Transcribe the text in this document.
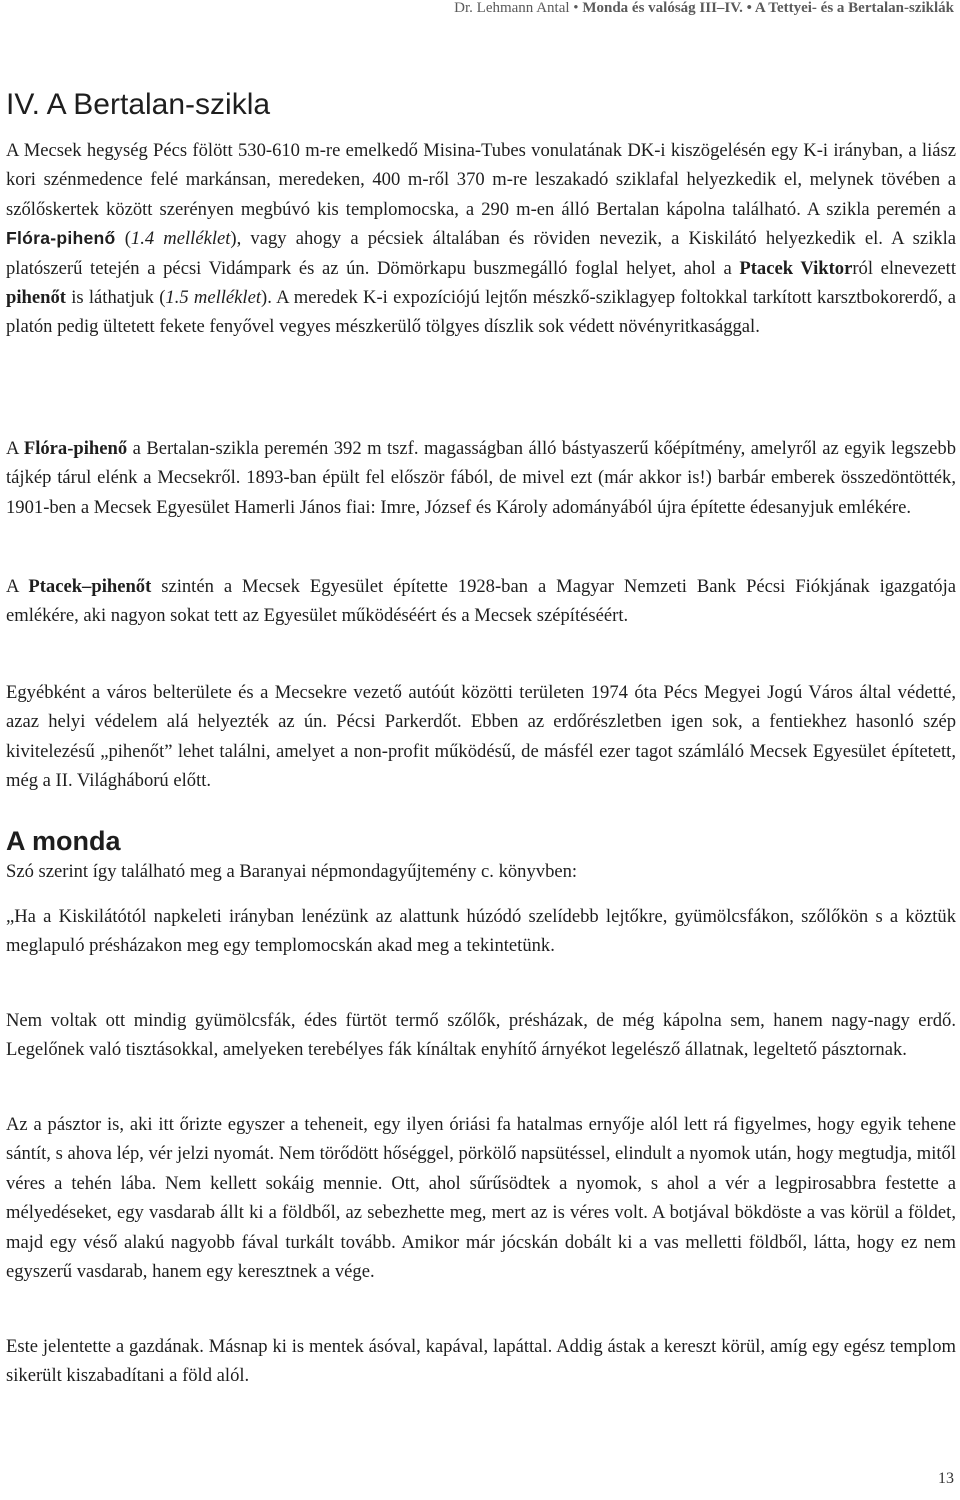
Dr. Lehmann Antal • Monda és valóság III–IV. • A Tettyei- és a Bertalan-sziklák
IV. A Bertalan-szikla

A Mecsek hegység Pécs fölött 530-610 m-re emelkedő Misina-Tubes vonulatának DK-i kiszögelésén egy K-i irányban, a liász kori szénmedence felé markánsan, meredeken, 400 m-ről 370 m-re leszakadó sziklafal helyezkedik el, melynek tövében a szőlőskertek között szerényen megbúvó kis templomocska, a 290 m-en álló Bertalan kápolna található. A szikla peremén a Flóra-pihenő (1.4 melléklet), vagy ahogy a pécsiek általában és röviden nevezik, a Kiskilátó helyezkedik el. A szikla platószerű tetején a pécsi Vidámpark és az ún. Dömörkapu buszmegálló foglal helyet, ahol a Ptacek Viktorról elnevezett pihenőt is láthatjuk (1.5 melléklet). A meredek K-i expozíciójú lejtőn mészkő-sziklagyep foltokkal tarkított karsztbokorerdő, a platón pedig ültetett fekete fenyővel vegyes mészkerülő tölgyes díszlik sok védett növényritkasággal.

A Flóra-pihenő a Bertalan-szikla peremén 392 m tszf. magasságban álló bástyaszerű kőépítmény, amelyről az egyik legszebb tájkép tárul elénk a Mecsekről. 1893-ban épült fel először fából, de mivel ezt (már akkor is!) barbár emberek összedöntötték, 1901-ben a Mecsek Egyesület Hamerli János fiai: Imre, József és Károly adományából újra építette édesanyjuk emlékére.

A Ptacek–pihenőt szintén a Mecsek Egyesület építette 1928-ban a Magyar Nemzeti Bank Pécsi Fiókjának igazgatója emlékére, aki nagyon sokat tett az Egyesület működéséért és a Mecsek szépítéséért.

Egyébként a város belterülete és a Mecsekre vezető autóút közötti területen 1974 óta Pécs Megyei Jogú Város által védetté, azaz helyi védelem alá helyezték az ún. Pécsi Parkerdőt. Ebben az erdőrészletben igen sok, a fentiekhez hasonló szép kivitelezésű „pihenőt” lehet találni, amelyet a non-profit működésű, de másfél ezer tagot számláló Mecsek Egyesület építetett, még a II. Világháború előtt.

A monda

Szó szerint így található meg a Baranyai népmondagyűjtemény c. könyvben:

„Ha a Kiskilátótól napkeleti irányban lenézünk az alattunk húzódó szelídebb lejtőkre, gyümölcsfákon, szőlőkön s a köztük meglapuló présházakon meg egy templomocskán akad meg a tekintetünk.

Nem voltak ott mindig gyümölcsfák, édes fürtöt termő szőlők, présházak, de még kápolna sem, hanem nagy-nagy erdő. Legelőnek való tisztásokkal, amelyeken terebélyes fák kínáltak enyhítő árnyékot legelésző állatnak, legeltető pásztornak.

Az a pásztor is, aki itt őrizte egyszer a teheneit, egy ilyen óriási fa hatalmas ernyője alól lett rá figyelmes, hogy egyik tehene sántít, s ahova lép, vér jelzi nyomát. Nem törődött hőséggel, pörkölő napsütéssel, elindult a nyomok után, hogy megtudja, mitől véres a tehén lába. Nem kellett sokáig mennie. Ott, ahol sűrűsödtek a nyomok, s ahol a vér a legpirosabbra festette a mélyedéseket, egy vasdarab állt ki a földből, az sebezhette meg, mert az is véres volt. A botjával bökdöste a vas körül a földet, majd egy véső alakú nagyobb fával turkált tovább. Amikor már jócskán dobált ki a vas melletti földből, látta, hogy ez nem egyszerű vasdarab, hanem egy keresztnek a vége.

Este jelentette a gazdának. Másnap ki is mentek ásóval, kapával, lapáttal. Addig ástak a kereszt körül, amíg egy egész templom sikerült kiszabadítani a föld alól.

13
